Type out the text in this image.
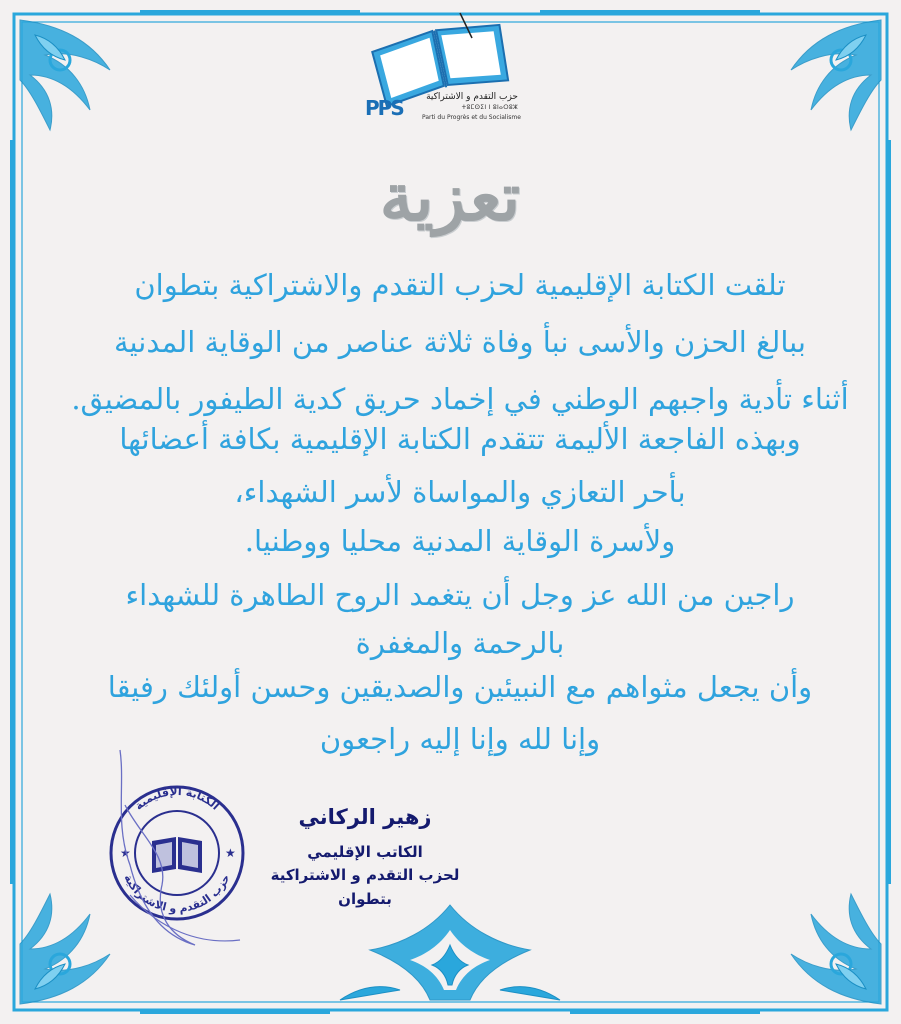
حزب التقدم و الاشتراكية
ⵜⵓⵎⵙⵉⵏ ⵏ ⵓⵏⴰⵔⵓⵣ
Parti du Progrès et du Socialisme
PPS
تعزية
تلقت الكتابة الإقليمية لحزب التقدم والاشتراكية بتطوان
ببالغ الحزن والأسى نبأ وفاة ثلاثة عناصر من الوقاية المدنية
أثناء تأدية واجبهم الوطني في إخماد حريق كدية الطيفور بالمضيق.
وبهذه الفاجعة الأليمة تتقدم الكتابة الإقليمية بكافة أعضائها
بأحر التعازي والمواساة لأسر الشهداء،
ولأسرة الوقاية المدنية محليا ووطنيا.
راجين من الله عز وجل أن يتغمد الروح الطاهرة للشهداء
بالرحمة والمغفرة
وأن يجعل مثواهم مع النبيئين والصديقين وحسن أولئك رفيقا
وإنا لله وإنا إليه راجعون
الكتابة الإقليمية
حزب التقدم و الاشتراكية
★	★
زهير الركاني
الكاتب الإقليمي
لحزب التقدم و الاشتراكية
بتطوان
